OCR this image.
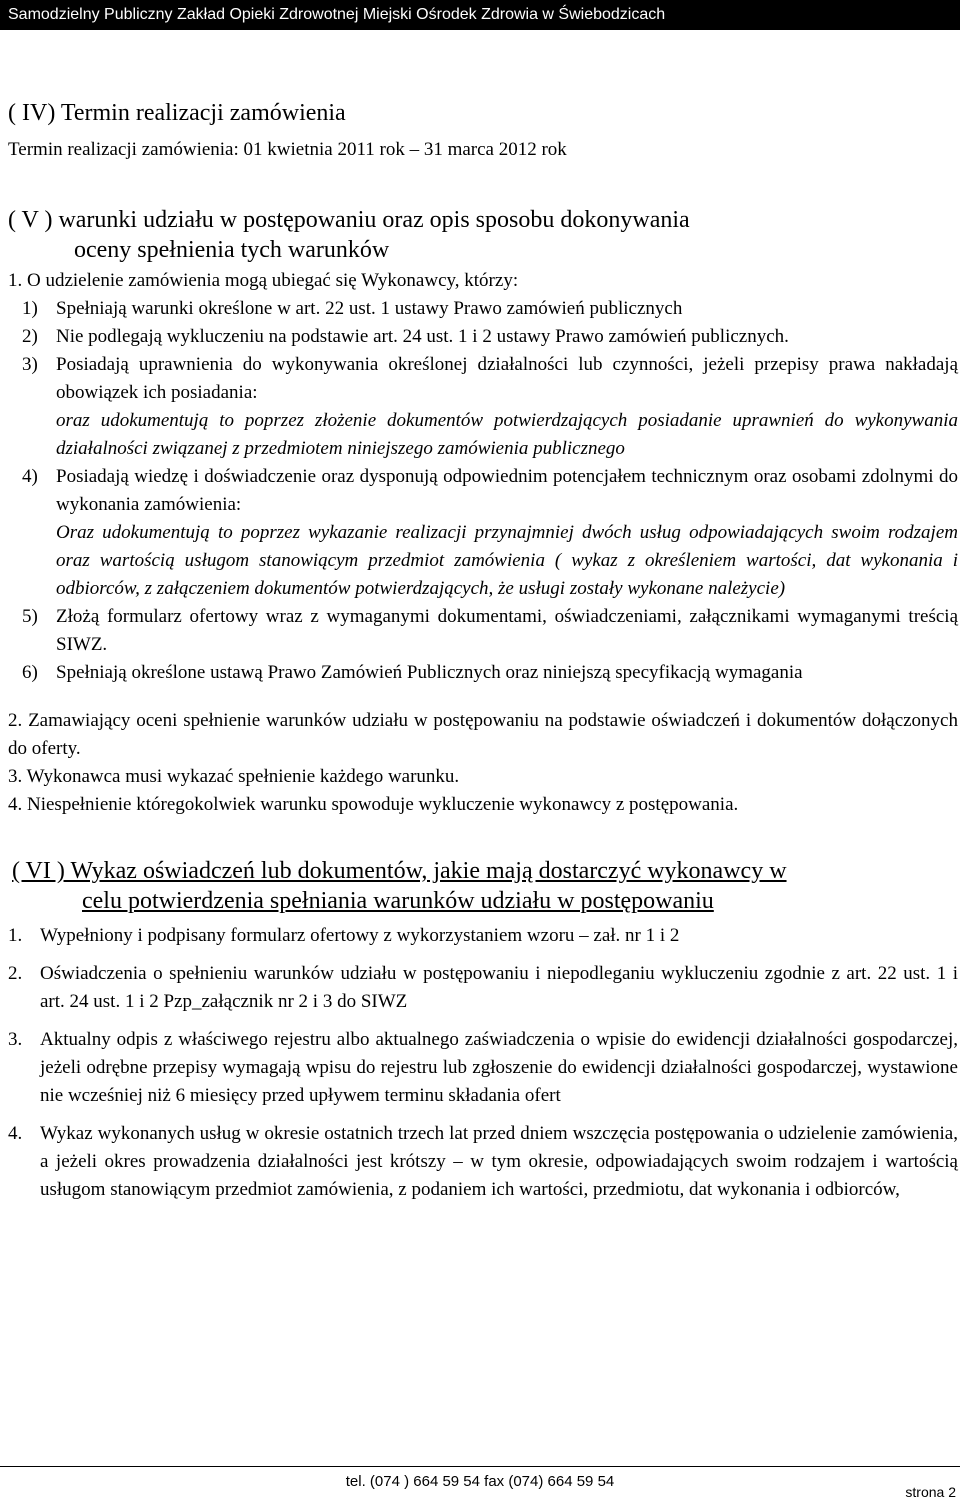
Samodzielny Publiczny Zakład Opieki Zdrowotnej Miejski Ośrodek Zdrowia w Świebodzicach
( IV) Termin realizacji zamówienia
Termin realizacji zamówienia: 01 kwietnia 2011 rok – 31 marca 2012 rok
( V ) warunki udziału w postępowaniu oraz opis sposobu dokonywania
oceny spełnienia tych warunków
1. O udzielenie zamówienia mogą ubiegać się Wykonawcy, którzy:
1) Spełniają warunki określone w art. 22 ust. 1 ustawy Prawo zamówień publicznych
2) Nie podlegają wykluczeniu na podstawie art. 24 ust. 1 i 2 ustawy Prawo zamówień publicznych.
3) Posiadają uprawnienia do wykonywania określonej działalności lub czynności, jeżeli przepisy prawa nakładają obowiązek ich posiadania:
oraz udokumentują to poprzez złożenie dokumentów potwierdzających posiadanie uprawnień do wykonywania działalności związanej z przedmiotem niniejszego zamówienia publicznego
4) Posiadają wiedzę i doświadczenie oraz dysponują odpowiednim potencjałem technicznym oraz osobami zdolnymi do wykonania zamówienia:
Oraz udokumentują to poprzez wykazanie realizacji przynajmniej dwóch usług odpowiadających swoim rodzajem oraz wartością usługom stanowiącym przedmiot zamówienia ( wykaz z określeniem wartości, dat wykonania i odbiorców, z załączeniem dokumentów potwierdzających, że usługi zostały wykonane należycie)
5) Złożą formularz ofertowy wraz z wymaganymi dokumentami, oświadczeniami, załącznikami wymaganymi treścią SIWZ.
6) Spełniają określone ustawą Prawo Zamówień Publicznych oraz niniejszą specyfikacją wymagania
2. Zamawiający oceni spełnienie warunków udziału w postępowaniu na podstawie oświadczeń i dokumentów dołączonych do oferty.
3. Wykonawca musi wykazać spełnienie każdego warunku.
4. Niespełnienie któregokolwiek warunku spowoduje wykluczenie wykonawcy z postępowania.
( VI ) Wykaz oświadczeń lub dokumentów, jakie mają dostarczyć wykonawcy w
celu potwierdzenia spełniania warunków udziału w postępowaniu
1. Wypełniony i podpisany formularz ofertowy z wykorzystaniem wzoru – zał. nr 1 i 2
2. Oświadczenia o spełnieniu warunków udziału w postępowaniu i niepodleganiu wykluczeniu zgodnie z art. 22 ust. 1 i art. 24 ust. 1 i 2 Pzp_załącznik nr 2 i 3 do SIWZ
3. Aktualny odpis z właściwego rejestru albo aktualnego zaświadczenia o wpisie do ewidencji działalności gospodarczej, jeżeli odrębne przepisy wymagają wpisu do rejestru lub zgłoszenie do ewidencji działalności gospodarczej, wystawione nie wcześniej niż 6 miesięcy przed upływem terminu składania ofert
4. Wykaz wykonanych usług w okresie ostatnich trzech lat przed dniem wszczęcia postępowania o udzielenie zamówienia, a jeżeli okres prowadzenia działalności jest krótszy – w tym okresie, odpowiadających swoim rodzajem i wartością usługom stanowiącym przedmiot zamówienia, z podaniem ich wartości, przedmiotu, dat wykonania i odbiorców,
tel. (074 ) 664 59 54 fax (074) 664 59 54
strona 2
